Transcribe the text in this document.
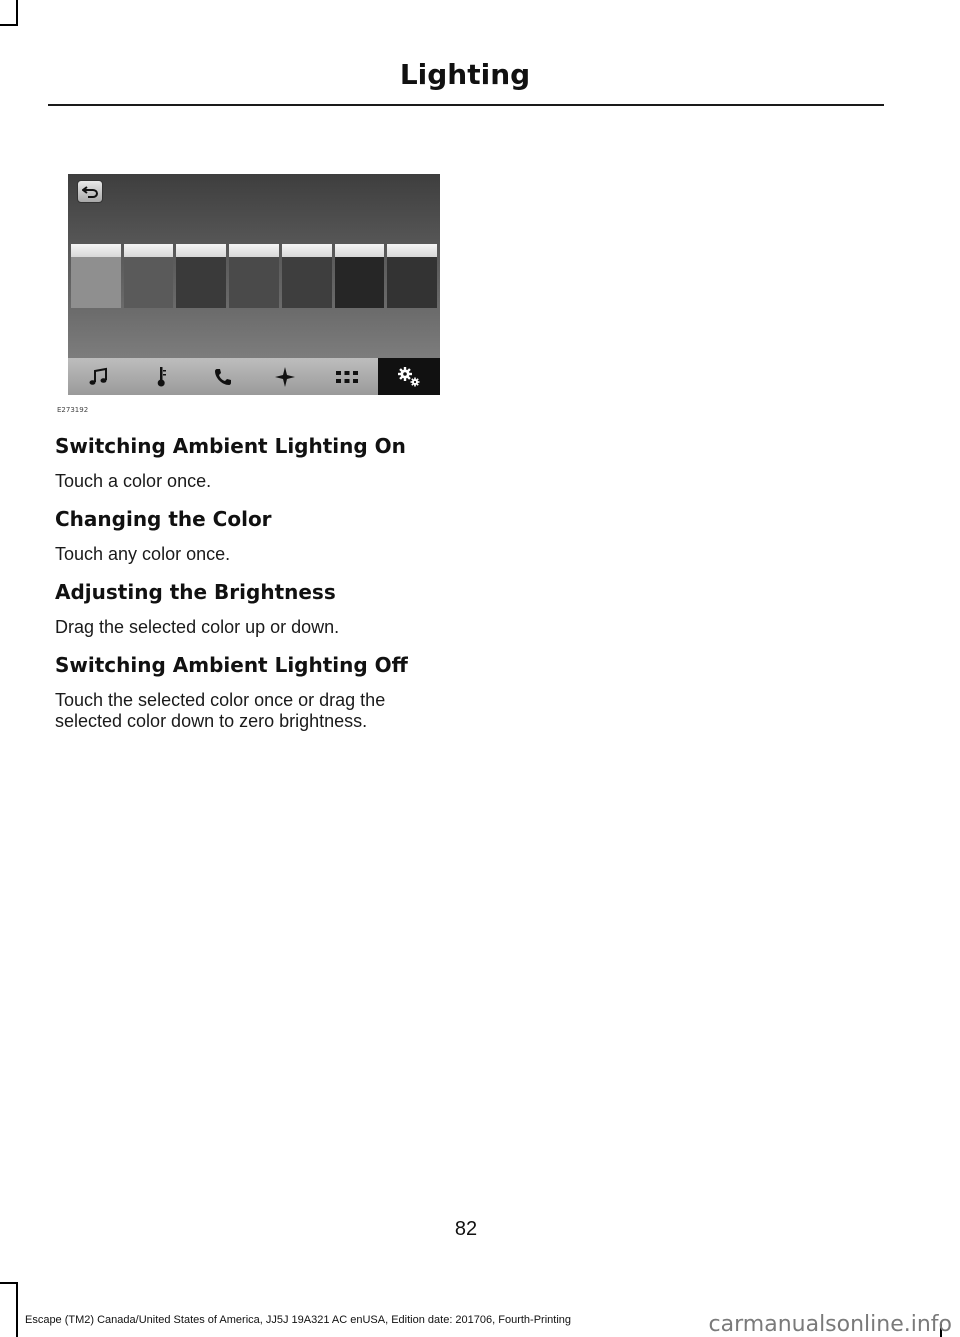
Lighting
E273192
Switching Ambient Lighting On

Touch a color once.

Changing the Color

Touch any color once.

Adjusting the Brightness

Drag the selected color up or down.

Switching Ambient Lighting Off

Touch the selected color once or drag the selected color down to zero brightness.

82
Escape (TM2) Canada/United States of America, JJ5J 19A321 AC enUSA, Edition date: 201706, Fourth-Printing	carmanualsonline.info
